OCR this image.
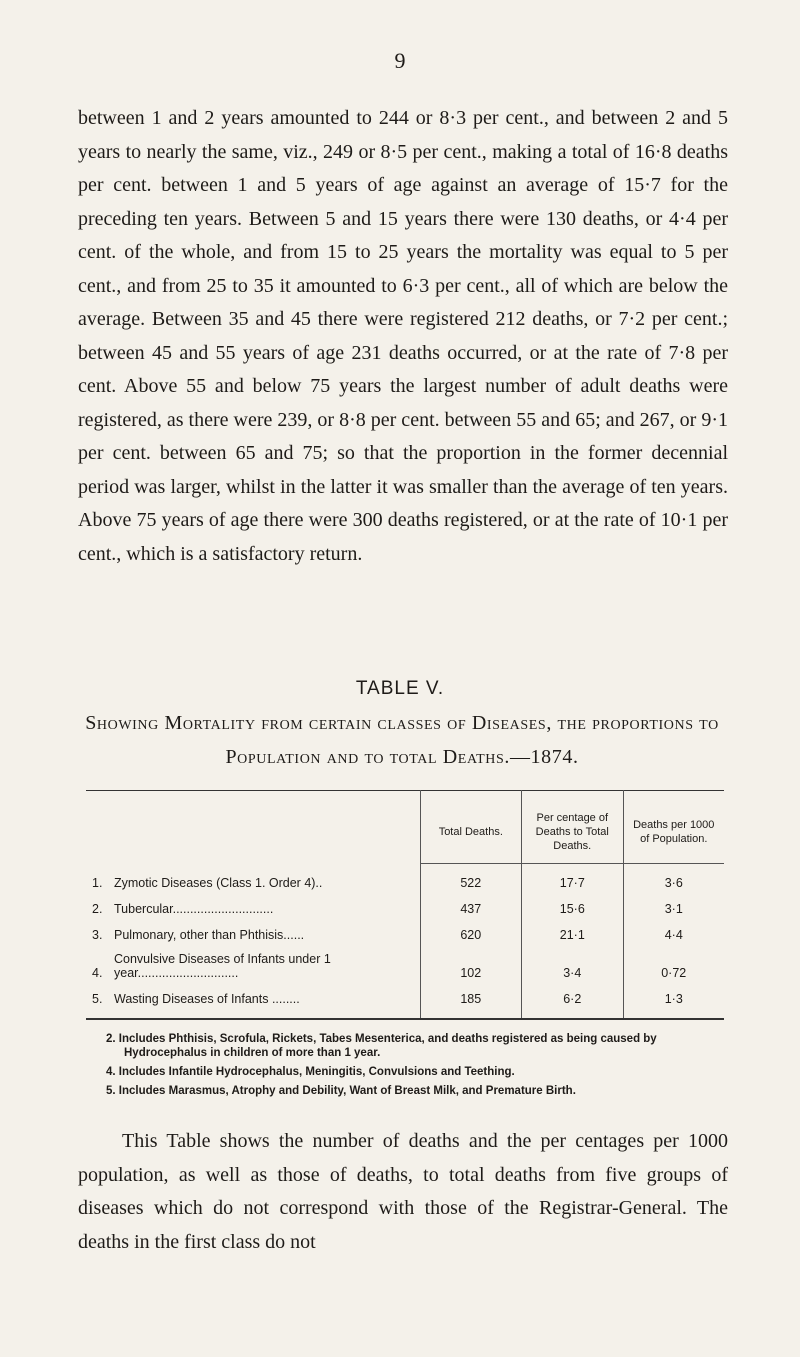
9

between 1 and 2 years amounted to 244 or 8·3 per cent., and between 2 and 5 years to nearly the same, viz., 249 or 8·5 per cent., making a total of 16·8 deaths per cent. between 1 and 5 years of age against an average of 15·7 for the preceding ten years. Between 5 and 15 years there were 130 deaths, or 4·4 per cent. of the whole, and from 15 to 25 years the mortality was equal to 5 per cent., and from 25 to 35 it amounted to 6·3 per cent., all of which are below the average. Between 35 and 45 there were registered 212 deaths, or 7·2 per cent.; between 45 and 55 years of age 231 deaths occurred, or at the rate of 7·8 per cent. Above 55 and below 75 years the largest number of adult deaths were registered, as there were 239, or 8·8 per cent. between 55 and 65; and 267, or 9·1 per cent. between 65 and 75; so that the proportion in the former decennial period was larger, whilst in the latter it was smaller than the average of ten years. Above 75 years of age there were 300 deaths registered, or at the rate of 10·1 per cent., which is a satisfactory return.

TABLE V.
Showing Mortality from certain classes of Diseases, the proportions to Population and to total Deaths.—1874.
	Total Deaths.	Per centage of Deaths to Total Deaths.	Deaths per 1000 of Population.
1. Zymotic Diseases (Class 1. Order 4)..	522	17·7	3·6
2. Tubercular.............................	437	15·6	3·1
3. Pulmonary, other than Phthisis......	620	21·1	4·4
4.Convulsive Diseases of Infants under 1 year.............................	102	3·4	0·72
5. Wasting Diseases of Infants ........	185	6·2	1·3
2. Includes Phthisis, Scrofula, Rickets, Tabes Mesenterica, and deaths registered as being caused by Hydrocephalus in children of more than 1 year.
4. Includes Infantile Hydrocephalus, Meningitis, Convulsions and Teething.
5. Includes Marasmus, Atrophy and Debility, Want of Breast Milk, and Premature Birth.

This Table shows the number of deaths and the per centages per 1000 population, as well as those of deaths, to total deaths from five groups of diseases which do not correspond with those of the Registrar-General. The deaths in the first class do not
